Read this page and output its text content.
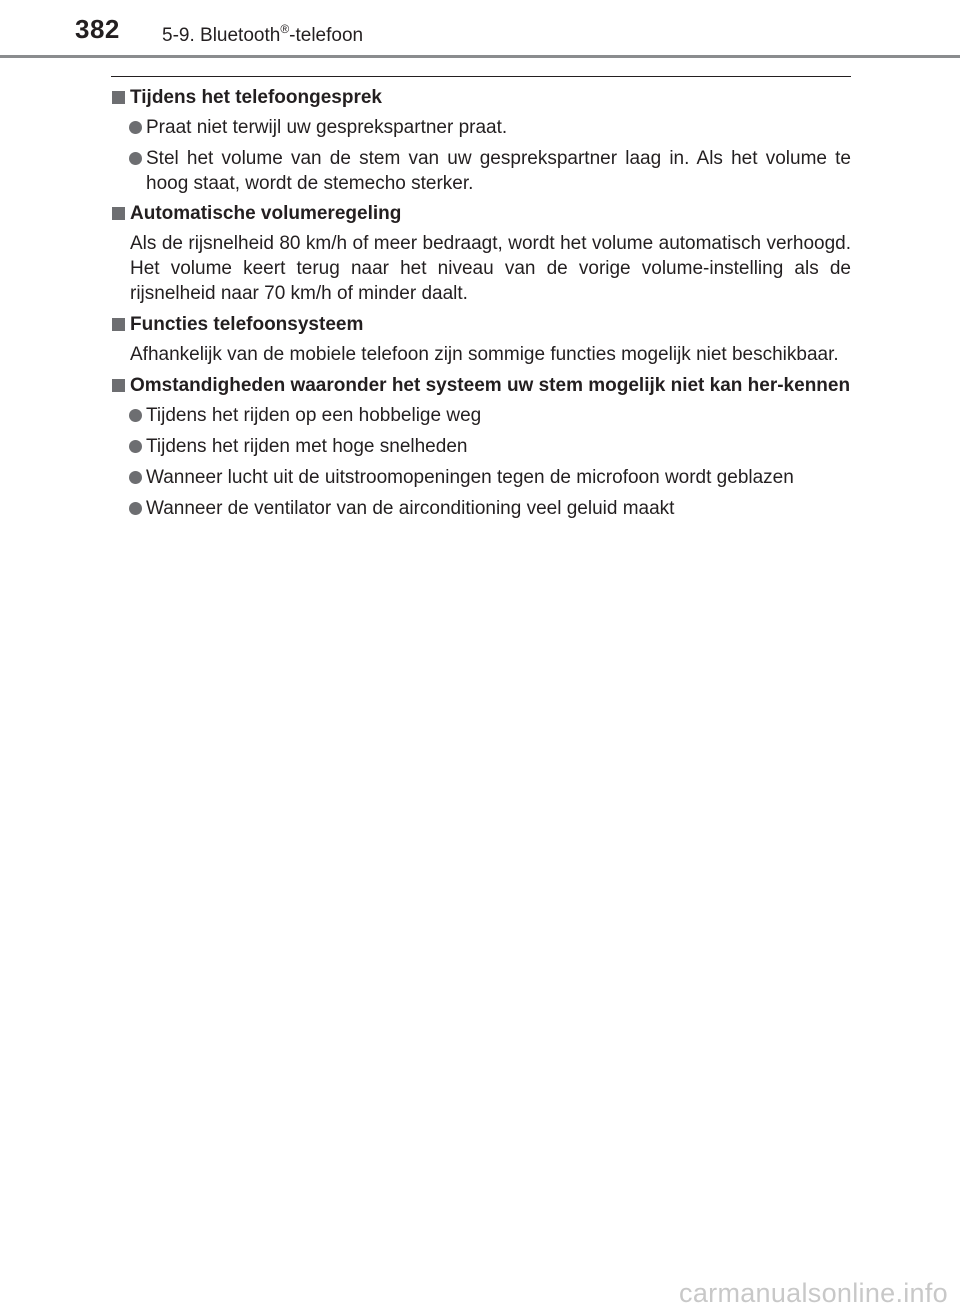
382 5-9. Bluetooth®-telefoon
Tijdens het telefoongesprek
Praat niet terwijl uw gesprekspartner praat.
Stel het volume van de stem van uw gesprekspartner laag in. Als het volume te hoog staat, wordt de stemecho sterker.
Automatische volumeregeling
Als de rijsnelheid 80 km/h of meer bedraagt, wordt het volume automatisch verhoogd. Het volume keert terug naar het niveau van de vorige volume-instelling als de rijsnelheid naar 70 km/h of minder daalt.
Functies telefoonsysteem
Afhankelijk van de mobiele telefoon zijn sommige functies mogelijk niet beschikbaar.
Omstandigheden waaronder het systeem uw stem mogelijk niet kan her-kennen
Tijdens het rijden op een hobbelige weg
Tijdens het rijden met hoge snelheden
Wanneer lucht uit de uitstroomopeningen tegen de microfoon wordt geblazen
Wanneer de ventilator van de airconditioning veel geluid maakt
carmanualsonline.info
